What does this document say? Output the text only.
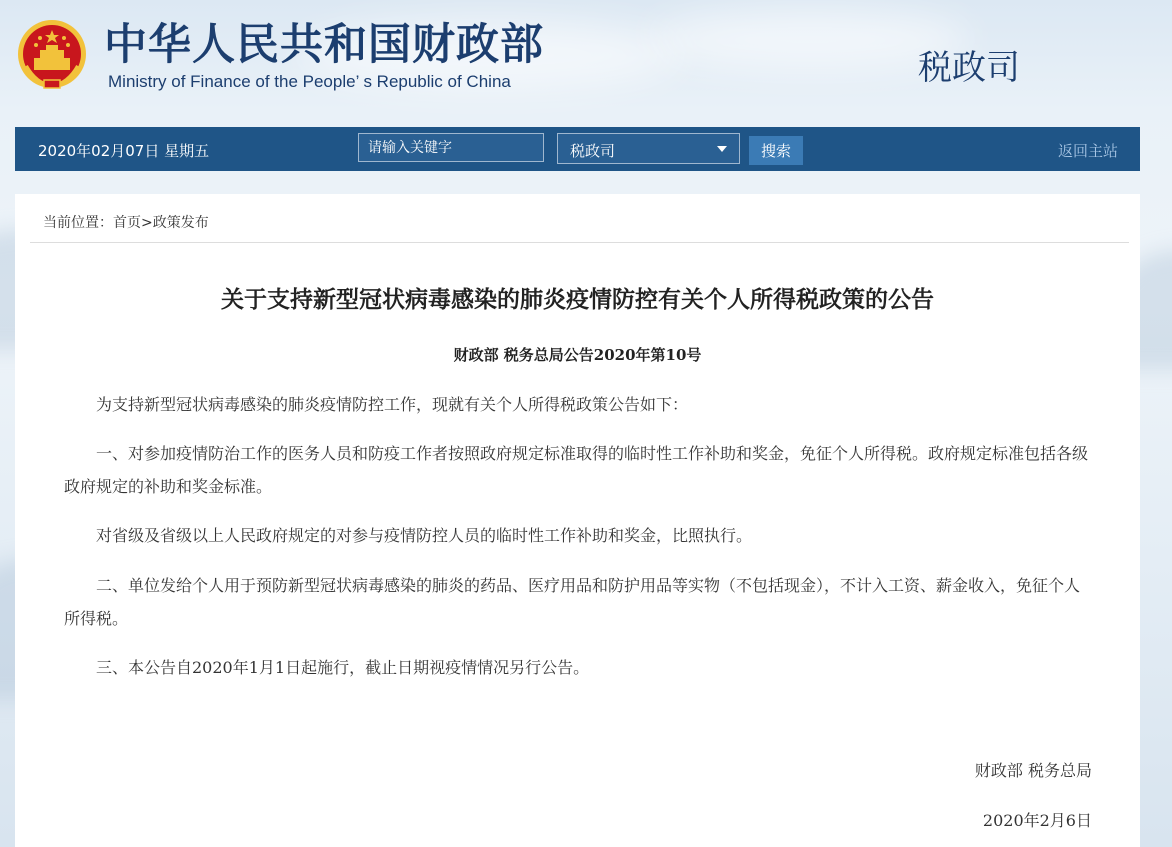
中华人民共和国财政部
Ministry of Finance of the People’ s Republic of China	税政司
2020年02月07日 星期五
请输入关键字	税政司	搜索	返回主站
当前位置：首页>政策发布
关于支持新型冠状病毒感染的肺炎疫情防控有关个人所得税政策的公告
财政部 税务总局公告2020年第10号

为支持新型冠状病毒感染的肺炎疫情防控工作，现就有关个人所得税政策公告如下：

一、对参加疫情防治工作的医务人员和防疫工作者按照政府规定标准取得的临时性工作补助和奖金，免征个人所得税。政府规定标准包括各级政府规定的补助和奖金标准。

对省级及省级以上人民政府规定的对参与疫情防控人员的临时性工作补助和奖金，比照执行。

二、单位发给个人用于预防新型冠状病毒感染的肺炎的药品、医疗用品和防护用品等实物（不包括现金），不计入工资、薪金收入，免征个人所得税。

三、本公告自2020年1月1日起施行，截止日期视疫情情况另行公告。

财政部 税务总局
2020年2月6日
